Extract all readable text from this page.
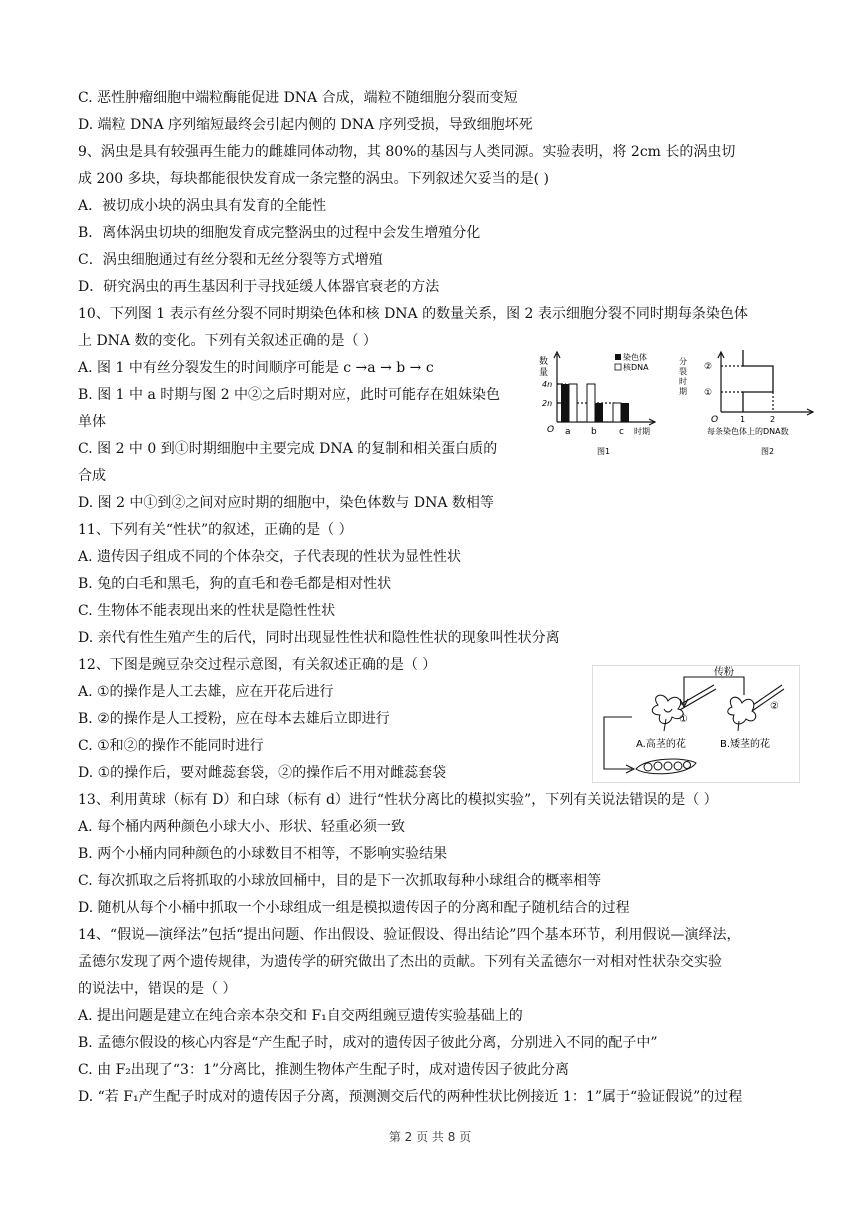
C. 恶性肿瘤细胞中端粒酶能促进 DNA 合成，端粒不随细胞分裂而变短
D. 端粒 DNA 序列缩短最终会引起内侧的 DNA 序列受损，导致细胞坏死
9、涡虫是具有较强再生能力的雌雄同体动物，其 80%的基因与人类同源。实验表明，将 2cm 长的涡虫切
成 200 多块，每块都能很快发育成一条完整的涡虫。下列叙述欠妥当的是( )
A．被切成小块的涡虫具有发育的全能性
B．离体涡虫切块的细胞发育成完整涡虫的过程中会发生增殖分化
C．涡虫细胞通过有丝分裂和无丝分裂等方式增殖
D．研究涡虫的再生基因利于寻找延缓人体器官衰老的方法
10、下列图 1 表示有丝分裂不同时期染色体和核 DNA 的数量关系，图 2 表示细胞分裂不同时期每条染色体
上 DNA 数的变化。下列有关叙述正确的是（ ）
A. 图 1 中有丝分裂发生的时间顺序可能是 c →a → b → c
B. 图 1 中 a 时期与图 2 中②之后时期对应，此时可能存在姐妹染色
单体
C. 图 2 中 0 到①时期细胞中主要完成 DNA 的复制和相关蛋白质的
合成
D. 图 2 中①到②之间对应时期的细胞中，染色体数与 DNA 数相等
11、下列有关“性状”的叙述，正确的是（ ）
A. 遗传因子组成不同的个体杂交，子代表现的性状为显性性状
B. 兔的白毛和黑毛，狗的直毛和卷毛都是相对性状
C. 生物体不能表现出来的性状是隐性性状
D. 亲代有性生殖产生的后代，同时出现显性性状和隐性性状的现象叫性状分离
12、下图是豌豆杂交过程示意图，有关叙述正确的是（ ）
A. ①的操作是人工去雄，应在开花后进行
B. ②的操作是人工授粉，应在母本去雄后立即进行
C. ①和②的操作不能同时进行
D. ①的操作后，要对雌蕊套袋，②的操作后不用对雌蕊套袋
13、利用黄球（标有 D）和白球（标有 d）进行“性状分离比的模拟实验”，下列有关说法错误的是（ ）
A. 每个桶内两种颜色小球大小、形状、轻重必须一致
B. 两个小桶内同种颜色的小球数目不相等，不影响实验结果
C. 每次抓取之后将抓取的小球放回桶中，目的是下一次抓取每种小球组合的概率相等
D. 随机从每个小桶中抓取一个小球组成一组是模拟遗传因子的分离和配子随机结合的过程
14、“假说—演绎法”包括“提出问题、作出假设、验证假设、得出结论”四个基本环节，利用假说—演绎法，
孟德尔发现了两个遗传规律，为遗传学的研究做出了杰出的贡献。下列有关孟德尔一对相对性状杂交实验
的说法中，错误的是（ ）
A. 提出问题是建立在纯合亲本杂交和 F₁自交两组豌豆遗传实验基础上的
B. 孟德尔假设的核心内容是“产生配子时，成对的遗传因子彼此分离，分别进入不同的配子中”
C. 由 F₂出现了“3：1”分离比，推测生物体产生配子时，成对遗传因子彼此分离
D. “若 F₁产生配子时成对的遗传因子分离，预测测交后代的两种性状比例接近 1：1”属于“验证假说”的过程
数
量
4n
2n
O a b c 时期
染色体
核DNA
图1
分
裂
时
期
②
①
O	1	2
每条染色体上的DNA数
图2
①
②
传粉
A.高茎的花	B.矮茎的花
第 2 页 共 8 页
